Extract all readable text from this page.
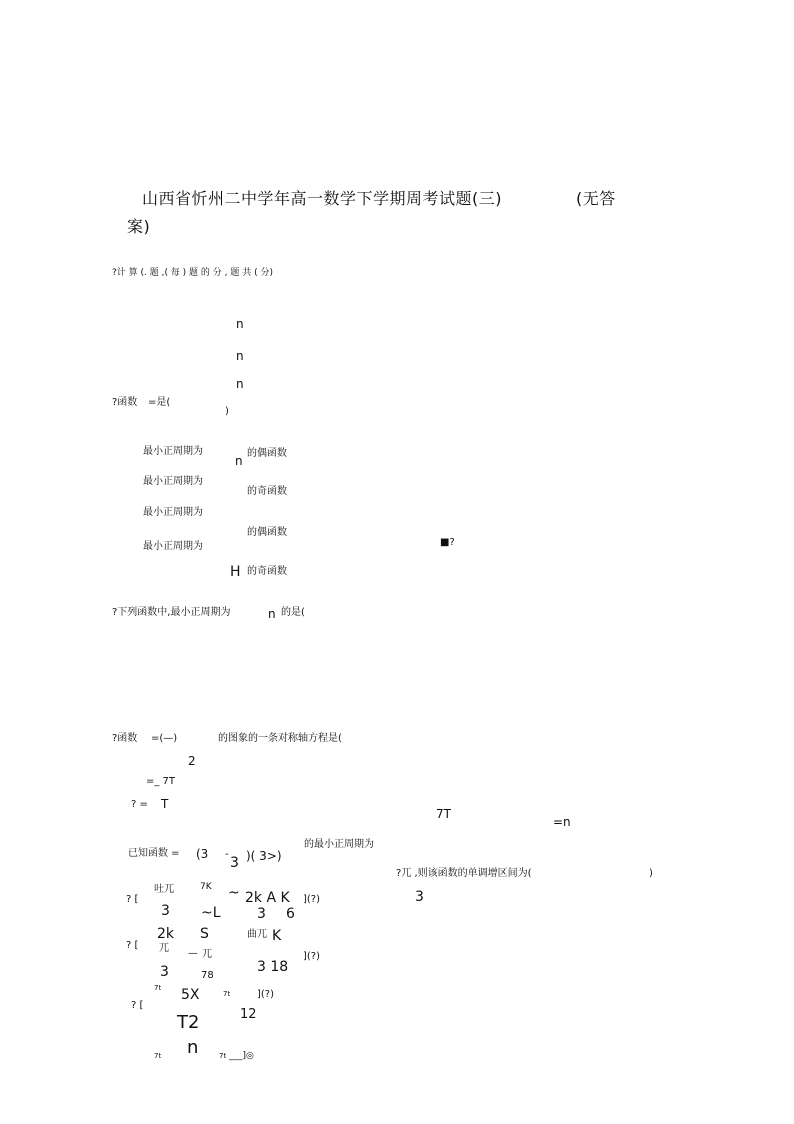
山西省忻州二中学年高一数学下学期周考试题(三)	(无答
案)
?计 算 (. 题 ,( 每 ) 题 的 分 , 题 共 ( 分)
n
n
n
?函数 =是(
)
最小正周期为
n
的偶函数
最小正周期为
的奇函数
最小正周期为
的偶函数
最小正周期为	■?
H 的奇函数
?下列函数中,最小正周期为	n 的是(
?函数 =(—)	的图象的一条对称轴方程是(
2
=_ 7T
? = T
7T
=n
的最小正周期为
已知函数 = (3 -
3 )( 3>)
?兀 ,则该函数的单调增区间为(	)
3
7K
吐兀	~ 2k A K
? [	](?)
3 ~L	3 6
2k S	曲兀 K
? [ 兀 — 兀	](?)
3 18
3	78
7t 5X	7t	](?)
? [
12
T2
n
7t	7t ___]◎
